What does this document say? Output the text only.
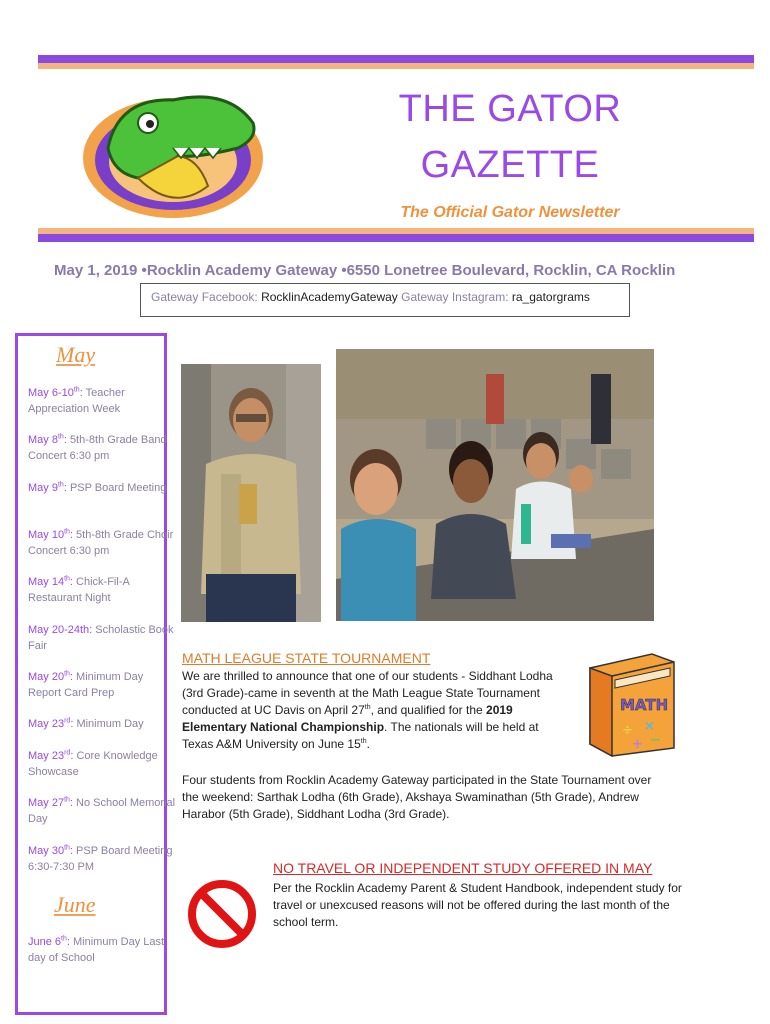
THE GATOR
GAZETTE
The Official Gator Newsletter
May 1, 2019 •Rocklin Academy Gateway •6550 Lonetree Boulevard, Rocklin, CA Rocklin
Gateway Facebook: RocklinAcademyGateway Gateway Instagram: ra_gatorgrams
May
May 6-10th: Teacher Appreciation Week
May 8th: 5th-8th Grade Band Concert 6:30 pm
May 9th: PSP Board Meeting
May 10th: 5th-8th Grade Choir Concert 6:30 pm
May 14th: Chick-Fil-A Restaurant Night
May 20-24th: Scholastic Book Fair
May 20th: Minimum Day Report Card Prep
May 23rd: Minimum Day
May 23rd: Core Knowledge Showcase
May 27th: No School Memorial Day
May 30th: PSP Board Meeting 6:30-7:30 PM
June
June 6th: Minimum Day Last day of School
MATH LEAGUE STATE TOURNAMENT
We are thrilled to announce that one of our students - Siddhant Lodha (3rd Grade)-came in seventh at the Math League State Tournament conducted at UC Davis on April 27th, and qualified for the 2019 Elementary National Championship. The nationals will be held at Texas A&M University on June 15th.
MATH
÷ ×
+ −
Four students from Rocklin Academy Gateway participated in the State Tournament over the weekend: Sarthak Lodha (6th Grade), Akshaya Swaminathan (5th Grade), Andrew Harabor (5th Grade), Siddhant Lodha (3rd Grade).
NO TRAVEL OR INDEPENDENT STUDY OFFERED IN MAY
Per the Rocklin Academy Parent & Student Handbook, independent study for travel or unexcused reasons will not be offered during the last month of the school term.
